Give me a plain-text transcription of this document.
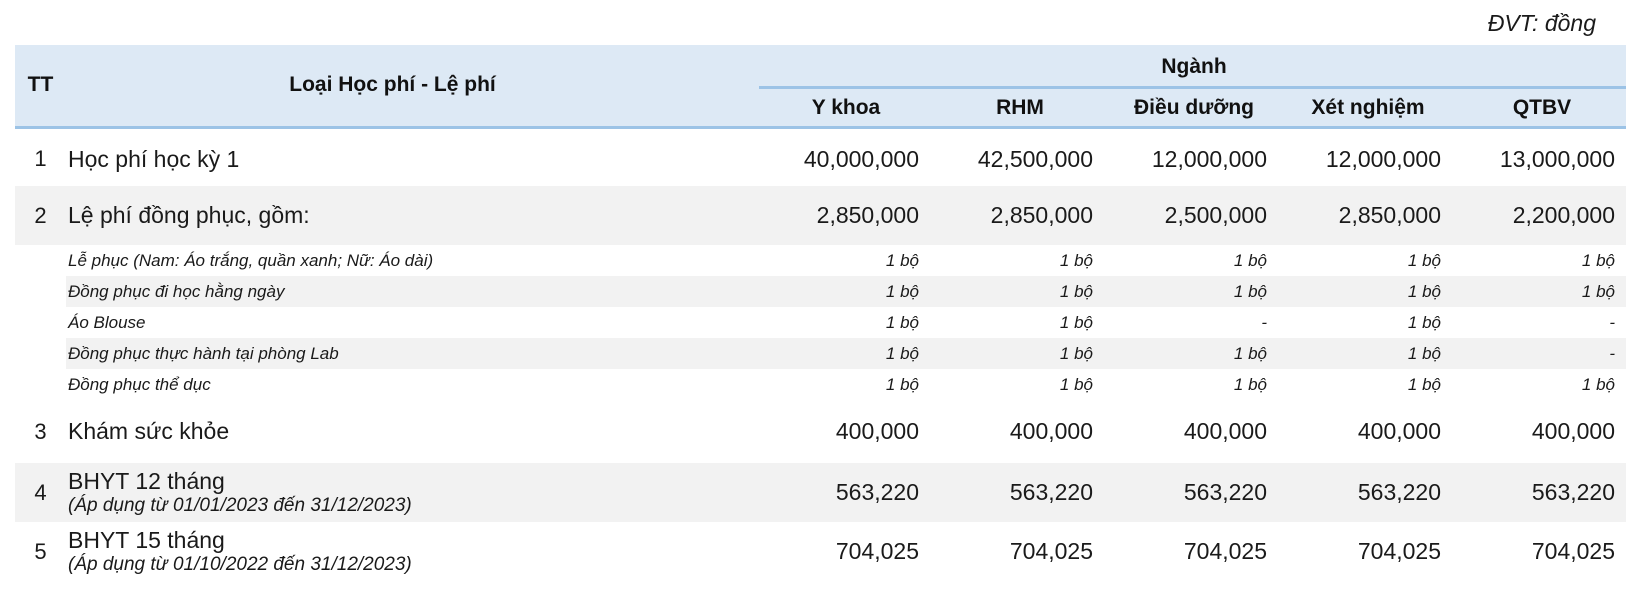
ĐVT: đồng
TT	Loại Học phí - Lệ phí	Ngành				
		Y khoa	RHM	Điều dưỡng	Xét nghiệm	QTBV
1	Học phí học kỳ 1	40,000,000	42,500,000	12,000,000	12,000,000	13,000,000
2	Lệ phí đồng phục, gồm:	2,850,000	2,850,000	2,500,000	2,850,000	2,200,000
	Lễ phục (Nam: Áo trắng, quần xanh; Nữ: Áo dài)	1 bộ	1 bộ	1 bộ	1 bộ	1 bộ
	Đồng phục đi học hằng ngày	1 bộ	1 bộ	1 bộ	1 bộ	1 bộ
	Áo Blouse	1 bộ	1 bộ	-	1 bộ	-
	Đồng phục thực hành tại phòng Lab	1 bộ	1 bộ	1 bộ	1 bộ	-
	Đồng phục thể dục	1 bộ	1 bộ	1 bộ	1 bộ	1 bộ
3	Khám sức khỏe	400,000	400,000	400,000	400,000	400,000
4	BHYT 12 tháng
(Áp dụng từ 01/01/2023 đến 31/12/2023)	563,220	563,220	563,220	563,220	563,220
5	BHYT 15 tháng
(Áp dụng từ 01/10/2022 đến 31/12/2023)	704,025	704,025	704,025	704,025	704,025
